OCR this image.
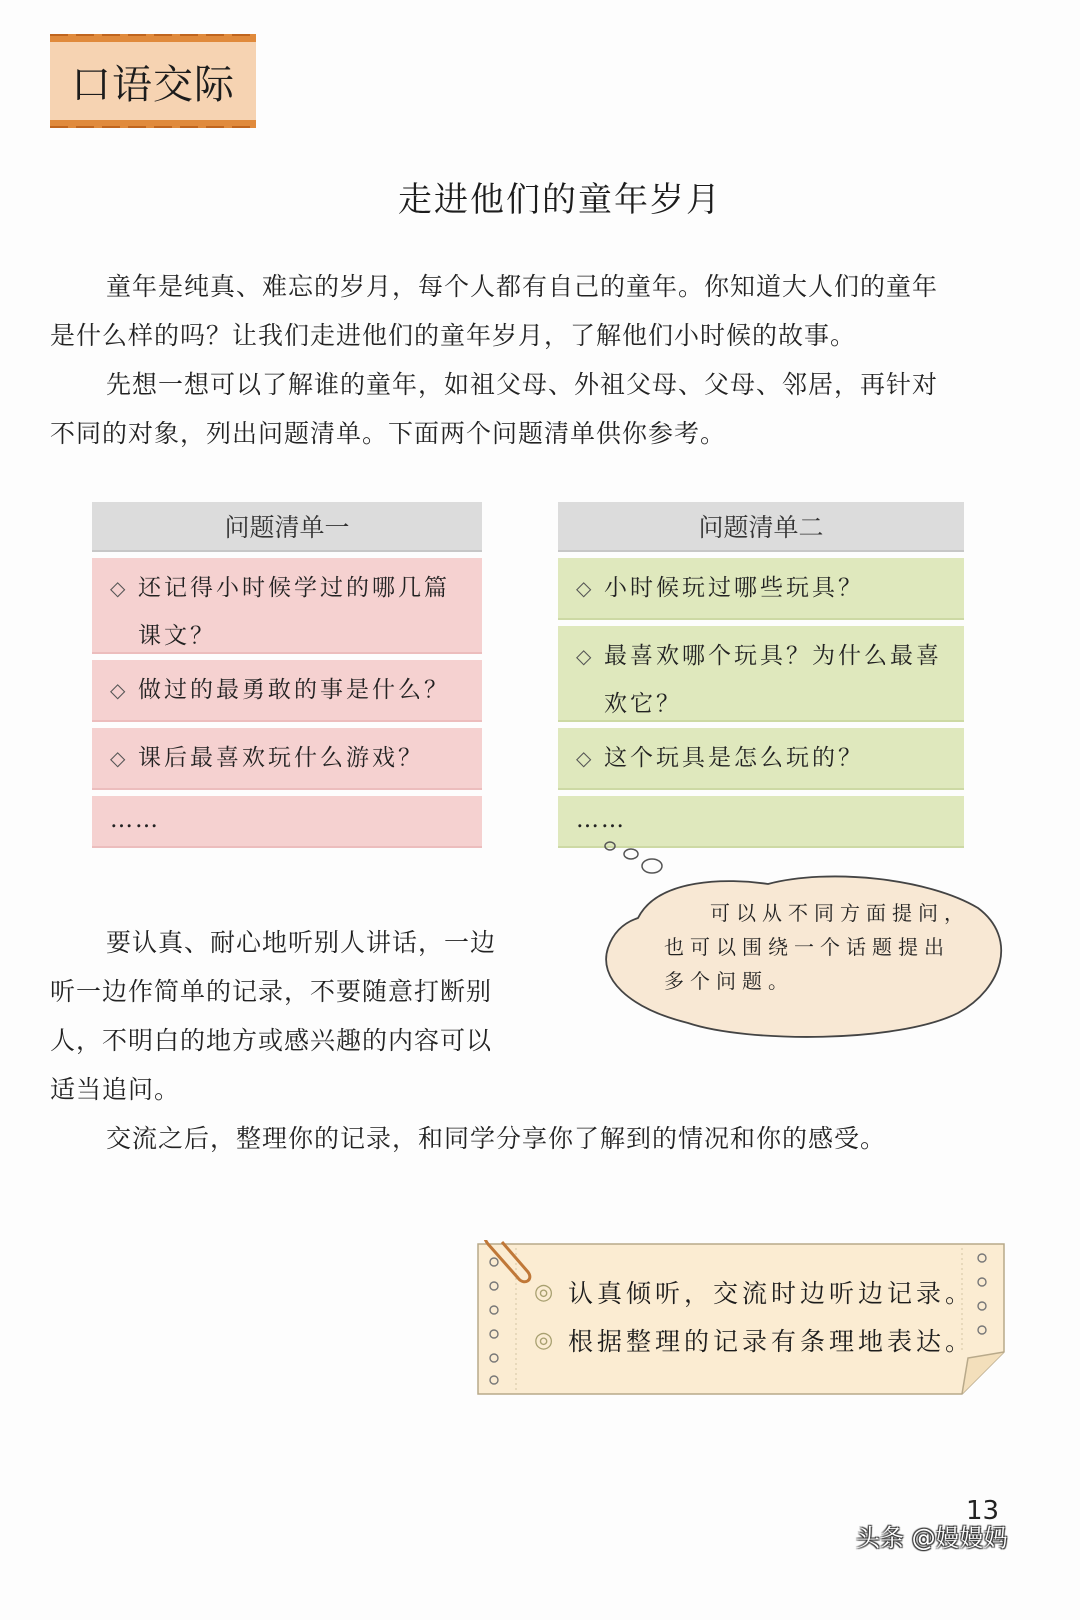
口语交际
走进他们的童年岁月
童年是纯真、难忘的岁月，每个人都有自己的童年。你知道大人们的童年
是什么样的吗？让我们走进他们的童年岁月，了解他们小时候的故事。
先想一想可以了解谁的童年，如祖父母、外祖父母、父母、邻居，再针对
不同的对象，列出问题清单。下面两个问题清单供你参考。
问题清单一
◇ 还记得小时候学过的哪几篇课文？
◇ 做过的最勇敢的事是什么？
◇ 课后最喜欢玩什么游戏？
……
问题清单二
◇ 小时候玩过哪些玩具？
◇ 最喜欢哪个玩具？为什么最喜欢它？
◇ 这个玩具是怎么玩的？
……
可以从不同方面提问，也可以围绕一个话题提出多个问题。
要认真、耐心地听别人讲话，一边
听一边作简单的记录，不要随意打断别
人，不明白的地方或感兴趣的内容可以
适当追问。
交流之后，整理你的记录，和同学分享你了解到的情况和你的感受。
◎ 认真倾听，交流时边听边记录。
◎ 根据整理的记录有条理地表达。
13
头条 @嫚嫚妈
